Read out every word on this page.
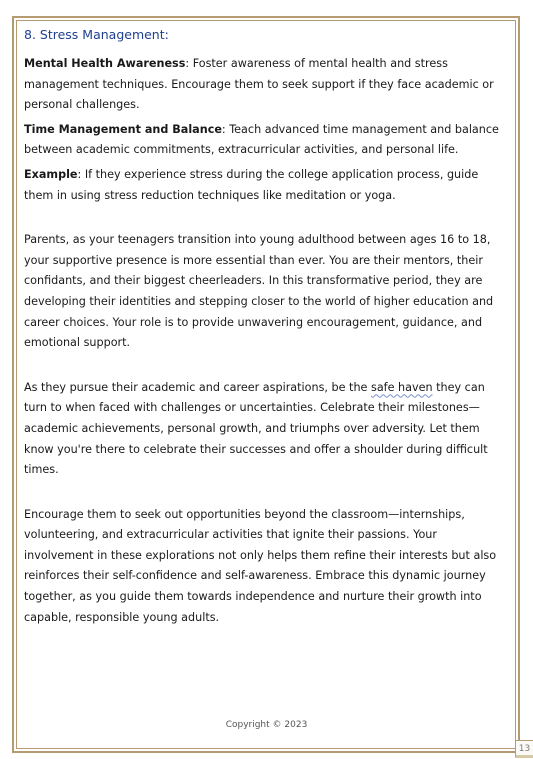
8. Stress Management:

Mental Health Awareness: Foster awareness of mental health and stress management techniques. Encourage them to seek support if they face academic or personal challenges.

Time Management and Balance: Teach advanced time management and balance between academic commitments, extracurricular activities, and personal life.

Example: If they experience stress during the college application process, guide them in using stress reduction techniques like meditation or yoga.

Parents, as your teenagers transition into young adulthood between ages 16 to 18, your supportive presence is more essential than ever. You are their mentors, their confidants, and their biggest cheerleaders. In this transformative period, they are developing their identities and stepping closer to the world of higher education and career choices. Your role is to provide unwavering encouragement, guidance, and emotional support.

As they pursue their academic and career aspirations, be the safe haven they can turn to when faced with challenges or uncertainties. Celebrate their milestones—academic achievements, personal growth, and triumphs over adversity. Let them know you're there to celebrate their successes and offer a shoulder during difficult times.

Encourage them to seek out opportunities beyond the classroom—internships, volunteering, and extracurricular activities that ignite their passions. Your involvement in these explorations not only helps them refine their interests but also reinforces their self-confidence and self-awareness. Embrace this dynamic journey together, as you guide them towards independence and nurture their growth into capable, responsible young adults.

Copyright © 2023
13
